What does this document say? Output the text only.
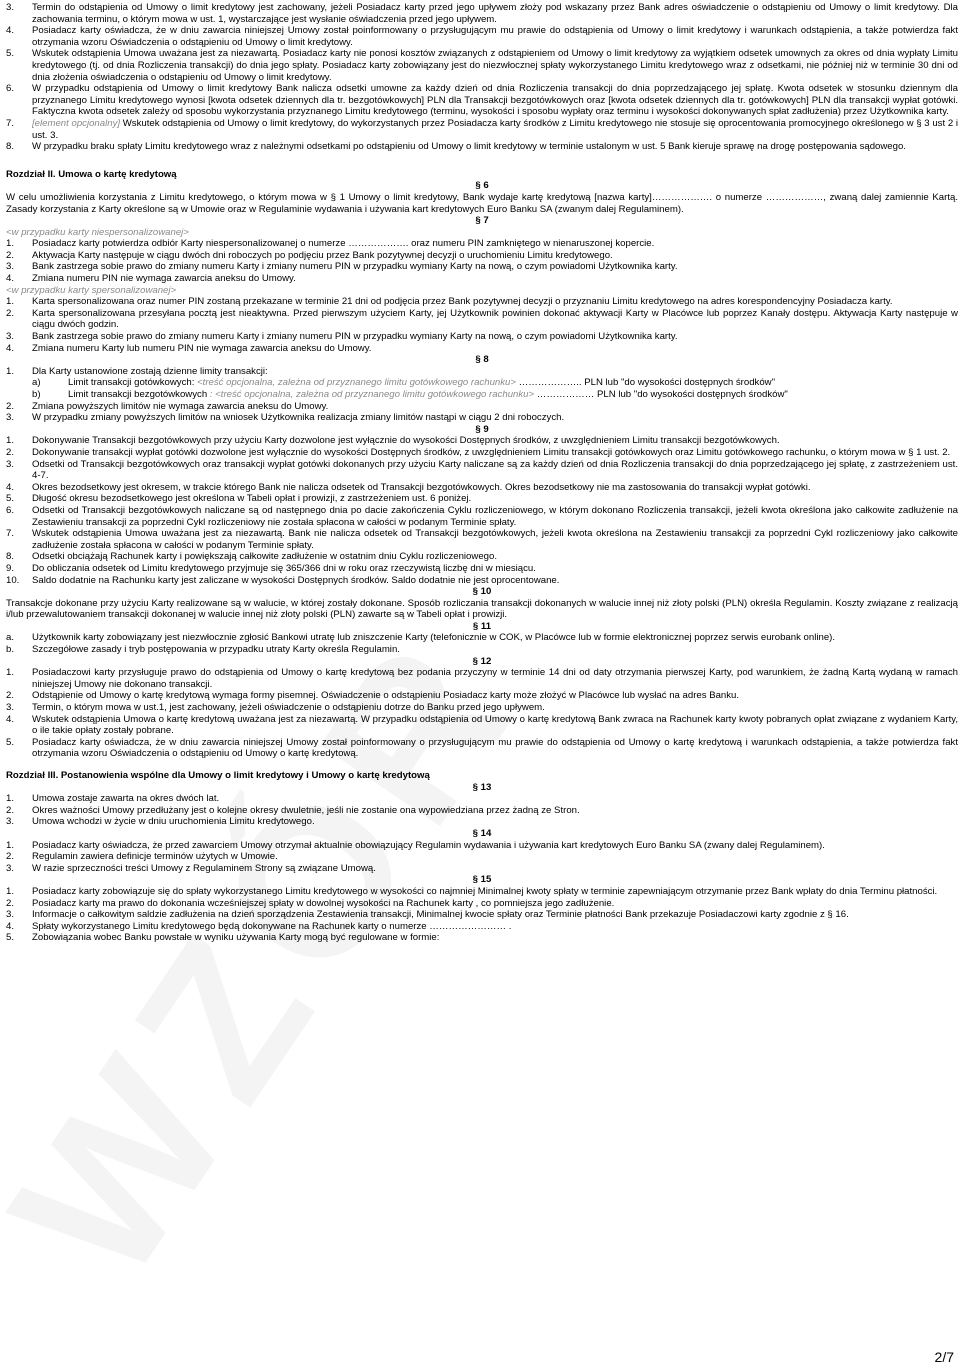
3.	Termin do odstąpienia od Umowy o limit kredytowy jest zachowany, jeżeli Posiadacz karty przed jego upływem złoży pod wskazany przez Bank adres oświadczenie o odstąpieniu od Umowy o limit kredytowy. Dla zachowania terminu, o którym mowa w ust. 1, wystarczające jest wysłanie oświadczenia przed jego upływem.
4.	Posiadacz karty oświadcza, że w dniu zawarcia niniejszej Umowy został poinformowany o przysługującym mu prawie do odstąpienia od Umowy o limit kredytowy i warunkach odstąpienia, a także potwierdza fakt otrzymania wzoru Oświadczenia o odstąpieniu od Umowy o limit kredytowy.
5.	Wskutek odstąpienia Umowa uważana jest za niezawartą. Posiadacz karty nie ponosi kosztów związanych z odstąpieniem od Umowy o limit kredytowy za wyjątkiem odsetek umownych za okres od dnia wypłaty Limitu kredytowego (tj. od dnia Rozliczenia transakcji) do dnia jego spłaty. Posiadacz karty zobowiązany jest do niezwłocznej spłaty wykorzystanego Limitu kredytowego wraz z odsetkami, nie później niż w terminie 30 dni od dnia złożenia oświadczenia o odstąpieniu od Umowy o limit kredytowy.
6.	W przypadku odstąpienia od Umowy o limit kredytowy Bank nalicza odsetki umowne za każdy dzień od dnia Rozliczenia transakcji do dnia poprzedzającego jej spłatę. Kwota odsetek w stosunku dziennym dla przyznanego Limitu kredytowego wynosi [kwota odsetek dziennych dla tr. bezgotówkowych] PLN dla Transakcji bezgotówkowych oraz [kwota odsetek dziennych dla tr. gotówkowych] PLN dla transakcji wypłat gotówki. Faktyczna kwota odsetek zależy od sposobu wykorzystania przyznanego Limitu kredytowego (terminu, wysokości i sposobu wypłaty oraz terminu i wysokości dokonywanych spłat zadłużenia) przez Użytkownika karty.
7.	[element opcjonalny] Wskutek odstąpienia od Umowy o limit kredytowy, do wykorzystanych przez Posiadacza karty środków z Limitu kredytowego nie stosuje się oprocentowania promocyjnego określonego w § 3 ust 2 i ust. 3.
8.	W przypadku braku spłaty Limitu kredytowego wraz z należnymi odsetkami po odstąpieniu od Umowy o limit kredytowy w terminie ustalonym w ust. 5 Bank kieruje sprawę na drogę postępowania sądowego.
Rozdział II. Umowa o kartę kredytową
§ 6
W celu umożliwienia korzystania z Limitu kredytowego, o którym mowa w § 1 Umowy o limit kredytowy, Bank wydaje kartę kredytową [nazwa karty]………………. o numerze ………………, zwaną dalej zamiennie Kartą. Zasady korzystania z Karty określone są w Umowie oraz w Regulaminie wydawania i używania kart kredytowych Euro Banku SA (zwanym dalej Regulaminem).
§ 7
<w przypadku karty niespersonalizowanej>
1.	Posiadacz karty potwierdza odbiór Karty niespersonalizowanej o numerze ………………. oraz numeru PIN zamkniętego w nienaruszonej kopercie.
2.	Aktywacja Karty następuje w ciągu dwóch dni roboczych po podjęciu przez Bank pozytywnej decyzji o uruchomieniu Limitu kredytowego.
3.	Bank zastrzega sobie prawo do zmiany numeru Karty i zmiany numeru PIN w przypadku wymiany Karty na nową, o czym powiadomi Użytkownika karty.
4.	Zmiana numeru PIN nie wymaga zawarcia aneksu do Umowy.
<w przypadku karty spersonalizowanej>
1.	Karta spersonalizowana oraz numer PIN zostaną przekazane w terminie 21 dni od podjęcia przez Bank pozytywnej decyzji o przyznaniu Limitu kredytowego na adres korespondencyjny Posiadacza karty.
2.	Karta spersonalizowana przesyłana pocztą jest nieaktywna. Przed pierwszym użyciem Karty, jej Użytkownik powinien dokonać aktywacji Karty w Placówce lub poprzez Kanały dostępu. Aktywacja Karty następuje w ciągu dwóch godzin.
3.	Bank zastrzega sobie prawo do zmiany numeru Karty i zmiany numeru PIN w przypadku wymiany Karty na nową, o czym powiadomi Użytkownika karty.
4.	Zmiana numeru Karty lub numeru PIN nie wymaga zawarcia aneksu do Umowy.
§ 8
1.	Dla Karty ustanowione zostają dzienne limity transakcji:
a)	Limit transakcji gotówkowych: <treść opcjonalna, zależna od przyznanego limitu gotówkowego rachunku> ……………….. PLN lub "do wysokości dostępnych środków"
b)	Limit transakcji bezgotówkowych : <treść opcjonalna, zależna od przyznanego limitu gotówkowego rachunku> ……………… PLN lub "do wysokości dostępnych środków"
2.	Zmiana powyższych limitów nie wymaga zawarcia aneksu do Umowy.
3.	W przypadku zmiany powyższych limitów na wniosek Użytkownika realizacja zmiany limitów nastąpi w ciągu 2 dni roboczych.
§ 9
1.	Dokonywanie Transakcji bezgotówkowych przy użyciu Karty dozwolone jest wyłącznie do wysokości Dostępnych środków, z uwzględnieniem Limitu transakcji bezgotówkowych.
2.	Dokonywanie transakcji wypłat gotówki dozwolone jest wyłącznie do wysokości Dostępnych środków, z uwzględnieniem Limitu transakcji gotówkowych oraz Limitu gotówkowego rachunku, o którym mowa w § 1 ust. 2.
3.	Odsetki od Transakcji bezgotówkowych oraz transakcji wypłat gotówki dokonanych przy użyciu Karty naliczane są za każdy dzień od dnia Rozliczenia transakcji do dnia poprzedzającego jej spłatę, z zastrzeżeniem ust. 4-7.
4.	Okres bezodsetkowy jest okresem, w trakcie którego Bank nie nalicza odsetek od Transakcji bezgotówkowych. Okres bezodsetkowy nie ma zastosowania do transakcji wypłat gotówki.
5.	Długość okresu bezodsetkowego jest określona w Tabeli opłat i prowizji, z zastrzeżeniem ust. 6 poniżej.
6.	Odsetki od Transakcji bezgotówkowych naliczane są od następnego dnia po dacie zakończenia Cyklu rozliczeniowego, w którym dokonano Rozliczenia transakcji, jeżeli kwota określona jako całkowite zadłużenie na Zestawieniu transakcji za poprzedni Cykl rozliczeniowy nie została spłacona w całości w podanym Terminie spłaty.
7.	Wskutek odstąpienia Umowa uważana jest za niezawartą. Bank nie nalicza odsetek od Transakcji bezgotówkowych, jeżeli kwota określona na Zestawieniu transakcji za poprzedni Cykl rozliczeniowy jako całkowite zadłużenie została spłacona w całości w podanym Terminie spłaty.
8.	Odsetki obciążają Rachunek karty i powiększają całkowite zadłużenie w ostatnim dniu Cyklu rozliczeniowego.
9.	Do obliczania odsetek od Limitu kredytowego przyjmuje się 365/366 dni w roku oraz rzeczywistą liczbę dni w miesiącu.
10.	Saldo dodatnie na Rachunku karty jest zaliczane w wysokości Dostępnych środków. Saldo dodatnie nie jest oprocentowane.
§ 10
Transakcje dokonane przy użyciu Karty realizowane są w walucie, w której zostały dokonane. Sposób rozliczania transakcji dokonanych w walucie innej niż złoty polski (PLN) określa Regulamin. Koszty związane z realizacją i/lub przewalutowaniem transakcji dokonanej w walucie innej niż złoty polski (PLN) zawarte są w Tabeli opłat i prowizji.
§ 11
a.	Użytkownik karty zobowiązany jest niezwłocznie zgłosić Bankowi utratę lub zniszczenie Karty (telefonicznie w COK, w Placówce lub w formie elektronicznej poprzez serwis eurobank online).
b.	Szczegółowe zasady i tryb postępowania w przypadku utraty Karty określa Regulamin.
§ 12
1.	Posiadaczowi karty przysługuje prawo do odstąpienia od Umowy o kartę kredytową bez podania przyczyny w terminie 14 dni od daty otrzymania pierwszej Karty, pod warunkiem, że żadną Kartą wydaną w ramach niniejszej Umowy nie dokonano transakcji.
2.	Odstąpienie od Umowy o kartę kredytową wymaga formy pisemnej. Oświadczenie o odstąpieniu Posiadacz karty może złożyć w Placówce lub wysłać na adres Banku.
3.	Termin, o którym mowa w ust.1, jest zachowany, jeżeli oświadczenie o odstąpieniu dotrze do Banku przed jego upływem.
4.	Wskutek odstąpienia Umowa o kartę kredytową uważana jest za niezawartą. W przypadku odstąpienia od Umowy o kartę kredytową Bank zwraca na Rachunek karty kwoty pobranych opłat związane z wydaniem Karty, o ile takie opłaty zostały pobrane.
5.	Posiadacz karty oświadcza, że w dniu zawarcia niniejszej Umowy został poinformowany o przysługującym mu prawie do odstąpienia od Umowy o kartę kredytową i warunkach odstąpienia, a także potwierdza fakt otrzymania wzoru Oświadczenia o odstąpieniu od Umowy o kartę kredytową.
Rozdział III. Postanowienia wspólne dla Umowy o limit kredytowy i Umowy o kartę kredytową
§ 13
1.	Umowa zostaje zawarta na okres dwóch lat.
2.	Okres ważności Umowy przedłużany jest o kolejne okresy dwuletnie, jeśli nie zostanie ona wypowiedziana przez żadną ze Stron.
3.	Umowa wchodzi w życie w dniu uruchomienia Limitu kredytowego.
§ 14
1.	Posiadacz karty oświadcza, że przed zawarciem Umowy otrzymał aktualnie obowiązujący Regulamin wydawania i używania kart kredytowych Euro Banku SA (zwany dalej Regulaminem).
2.	Regulamin zawiera definicje terminów użytych w Umowie.
3.	W razie sprzeczności treści Umowy z Regulaminem Strony są związane Umową.
§ 15
1.	Posiadacz karty zobowiązuje się do spłaty wykorzystanego Limitu kredytowego w wysokości co najmniej Minimalnej kwoty spłaty w terminie zapewniającym otrzymanie przez Bank wpłaty do dnia Terminu płatności.
2.	Posiadacz karty ma prawo do dokonania wcześniejszej spłaty w dowolnej wysokości na Rachunek karty , co pomniejsza jego zadłużenie.
3.	Informacje o całkowitym saldzie zadłużenia na dzień sporządzenia Zestawienia transakcji, Minimalnej kwocie spłaty oraz Terminie płatności Bank przekazuje Posiadaczowi karty zgodnie z § 16.
4.	Spłaty wykorzystanego Limitu kredytowego będą dokonywane na Rachunek karty o numerze …………………… .
5.	Zobowiązania wobec Banku powstałe w wyniku używania Karty mogą być regulowane w formie:
2/7
